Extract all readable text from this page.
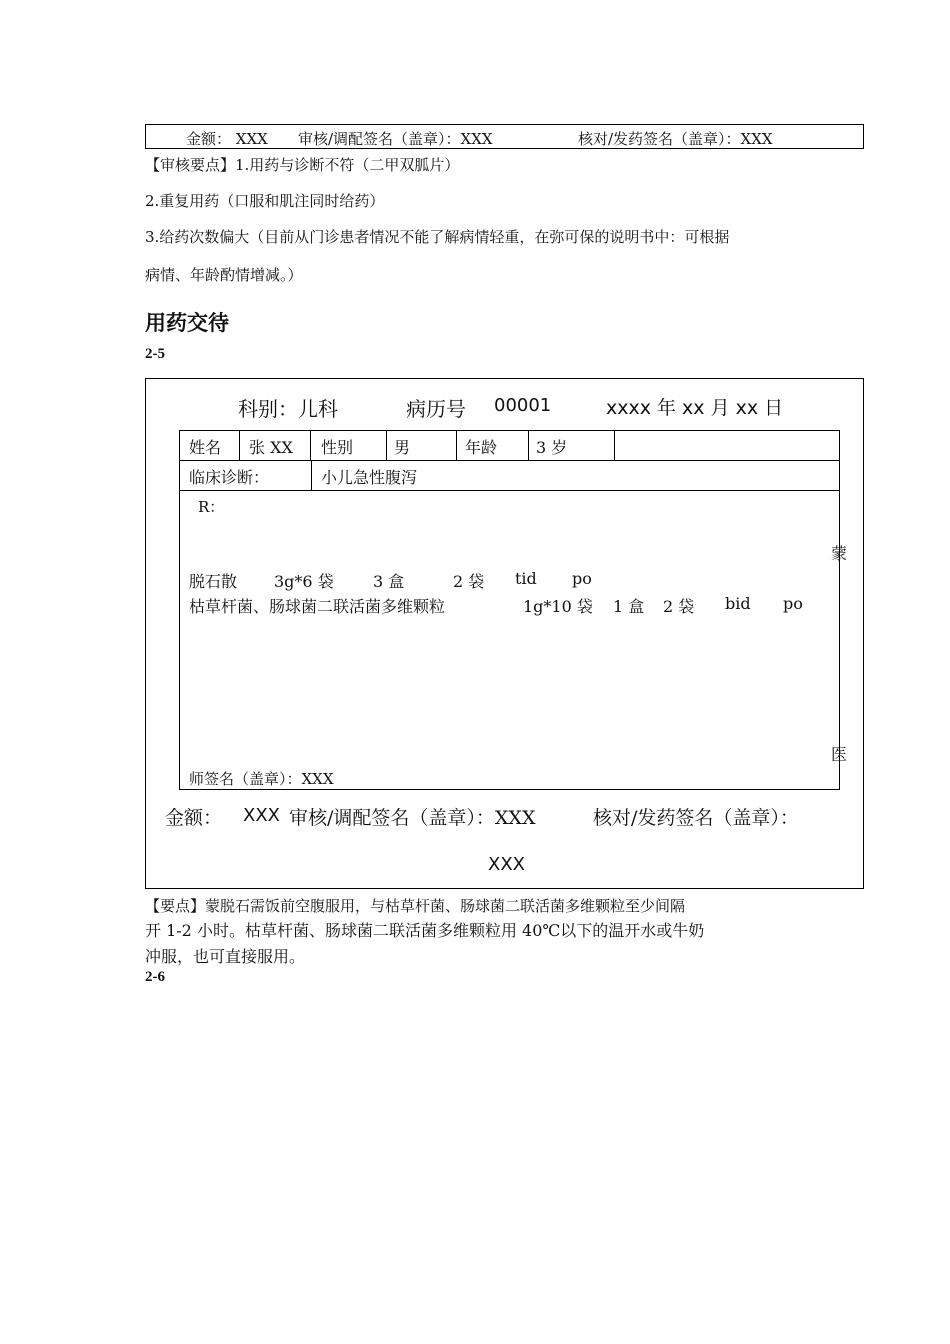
金额： XXX 审核/调配签名（盖章）：XXX	核对/发药签名（盖章）：XXX
【审核要点】1.用药与诊断不符（二甲双胍片）
2.重复用药（口服和肌注同时给药）
3.给药次数偏大（目前从门诊患者情况不能了解病情轻重，在弥可保的说明书中：可根据
病情、年龄酌情增减。）
用药交待
2-5
科别：儿科	病历号 00001	xxxx 年 xx 月 xx 日
姓名 张 XX 性别	男	年龄 3 岁
临床诊断：	小儿急性腹泻
R：
脱石散 3g*6 袋 3 盒	2 袋 tid po
枯草杆菌、肠球菌二联活菌多维颗粒	1g*10 袋 1 盒 2 袋 bid po
师签名（盖章）：XXX
蒙
医
金额： XXX 审核/调配签名（盖章）：XXX	核对/发药签名（盖章）：
XXX
【要点】蒙脱石需饭前空腹服用，与枯草杆菌、肠球菌二联活菌多维颗粒至少间隔
开 1-2 小时。枯草杆菌、肠球菌二联活菌多维颗粒用 40℃以下的温开水或牛奶
冲服，也可直接服用。
2-6
